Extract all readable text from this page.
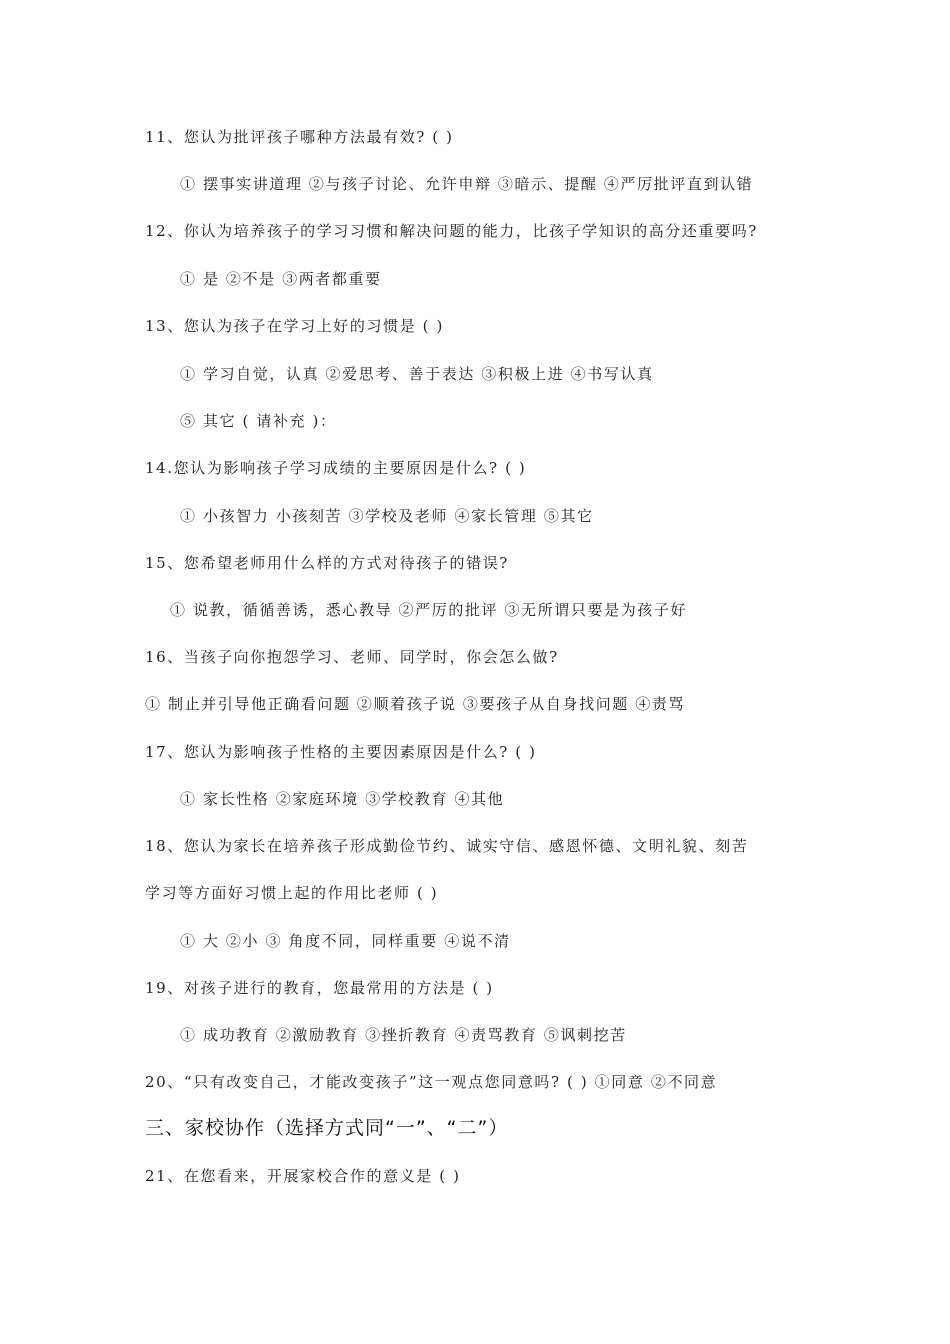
11、您认为批评孩子哪种方法最有效? ( )
① 摆事实讲道理 ②与孩子讨论、允许申辩 ③暗示、提醒 ④严厉批评直到认错
12、你认为培养孩子的学习习惯和解决问题的能力，比孩子学知识的高分还重要吗?
① 是 ②不是 ③两者都重要
13、您认为孩子在学习上好的习惯是 ( )
① 学习自觉，认真 ②爱思考、善于表达 ③积极上进 ④书写认真
⑤ 其它 ( 请补充 )：
14.您认为影响孩子学习成绩的主要原因是什么? ( )
① 小孩智力 小孩刻苦 ③学校及老师 ④家长管理 ⑤其它
15、您希望老师用什么样的方式对待孩子的错误?
① 说教，循循善诱，悉心教导 ②严厉的批评 ③无所谓只要是为孩子好
16、当孩子向你抱怨学习、老师、同学时，你会怎么做?
① 制止并引导他正确看问题 ②顺着孩子说 ③要孩子从自身找问题 ④责骂
17、您认为影响孩子性格的主要因素原因是什么? ( )
① 家长性格 ②家庭环境 ③学校教育 ④其他
18、您认为家长在培养孩子形成勤俭节约、诚实守信、感恩怀德、文明礼貌、刻苦
学习等方面好习惯上起的作用比老师 ( )
① 大 ②小 ③ 角度不同，同样重要 ④说不清
19、对孩子进行的教育，您最常用的方法是 ( )
① 成功教育 ②激励教育 ③挫折教育 ④责骂教育 ⑤讽刺挖苦
20、“只有改变自己，才能改变孩子”这一观点您同意吗? ( ) ①同意 ②不同意
三、家校协作（选择方式同“一”、“二”）
21、在您看来，开展家校合作的意义是 ( )
